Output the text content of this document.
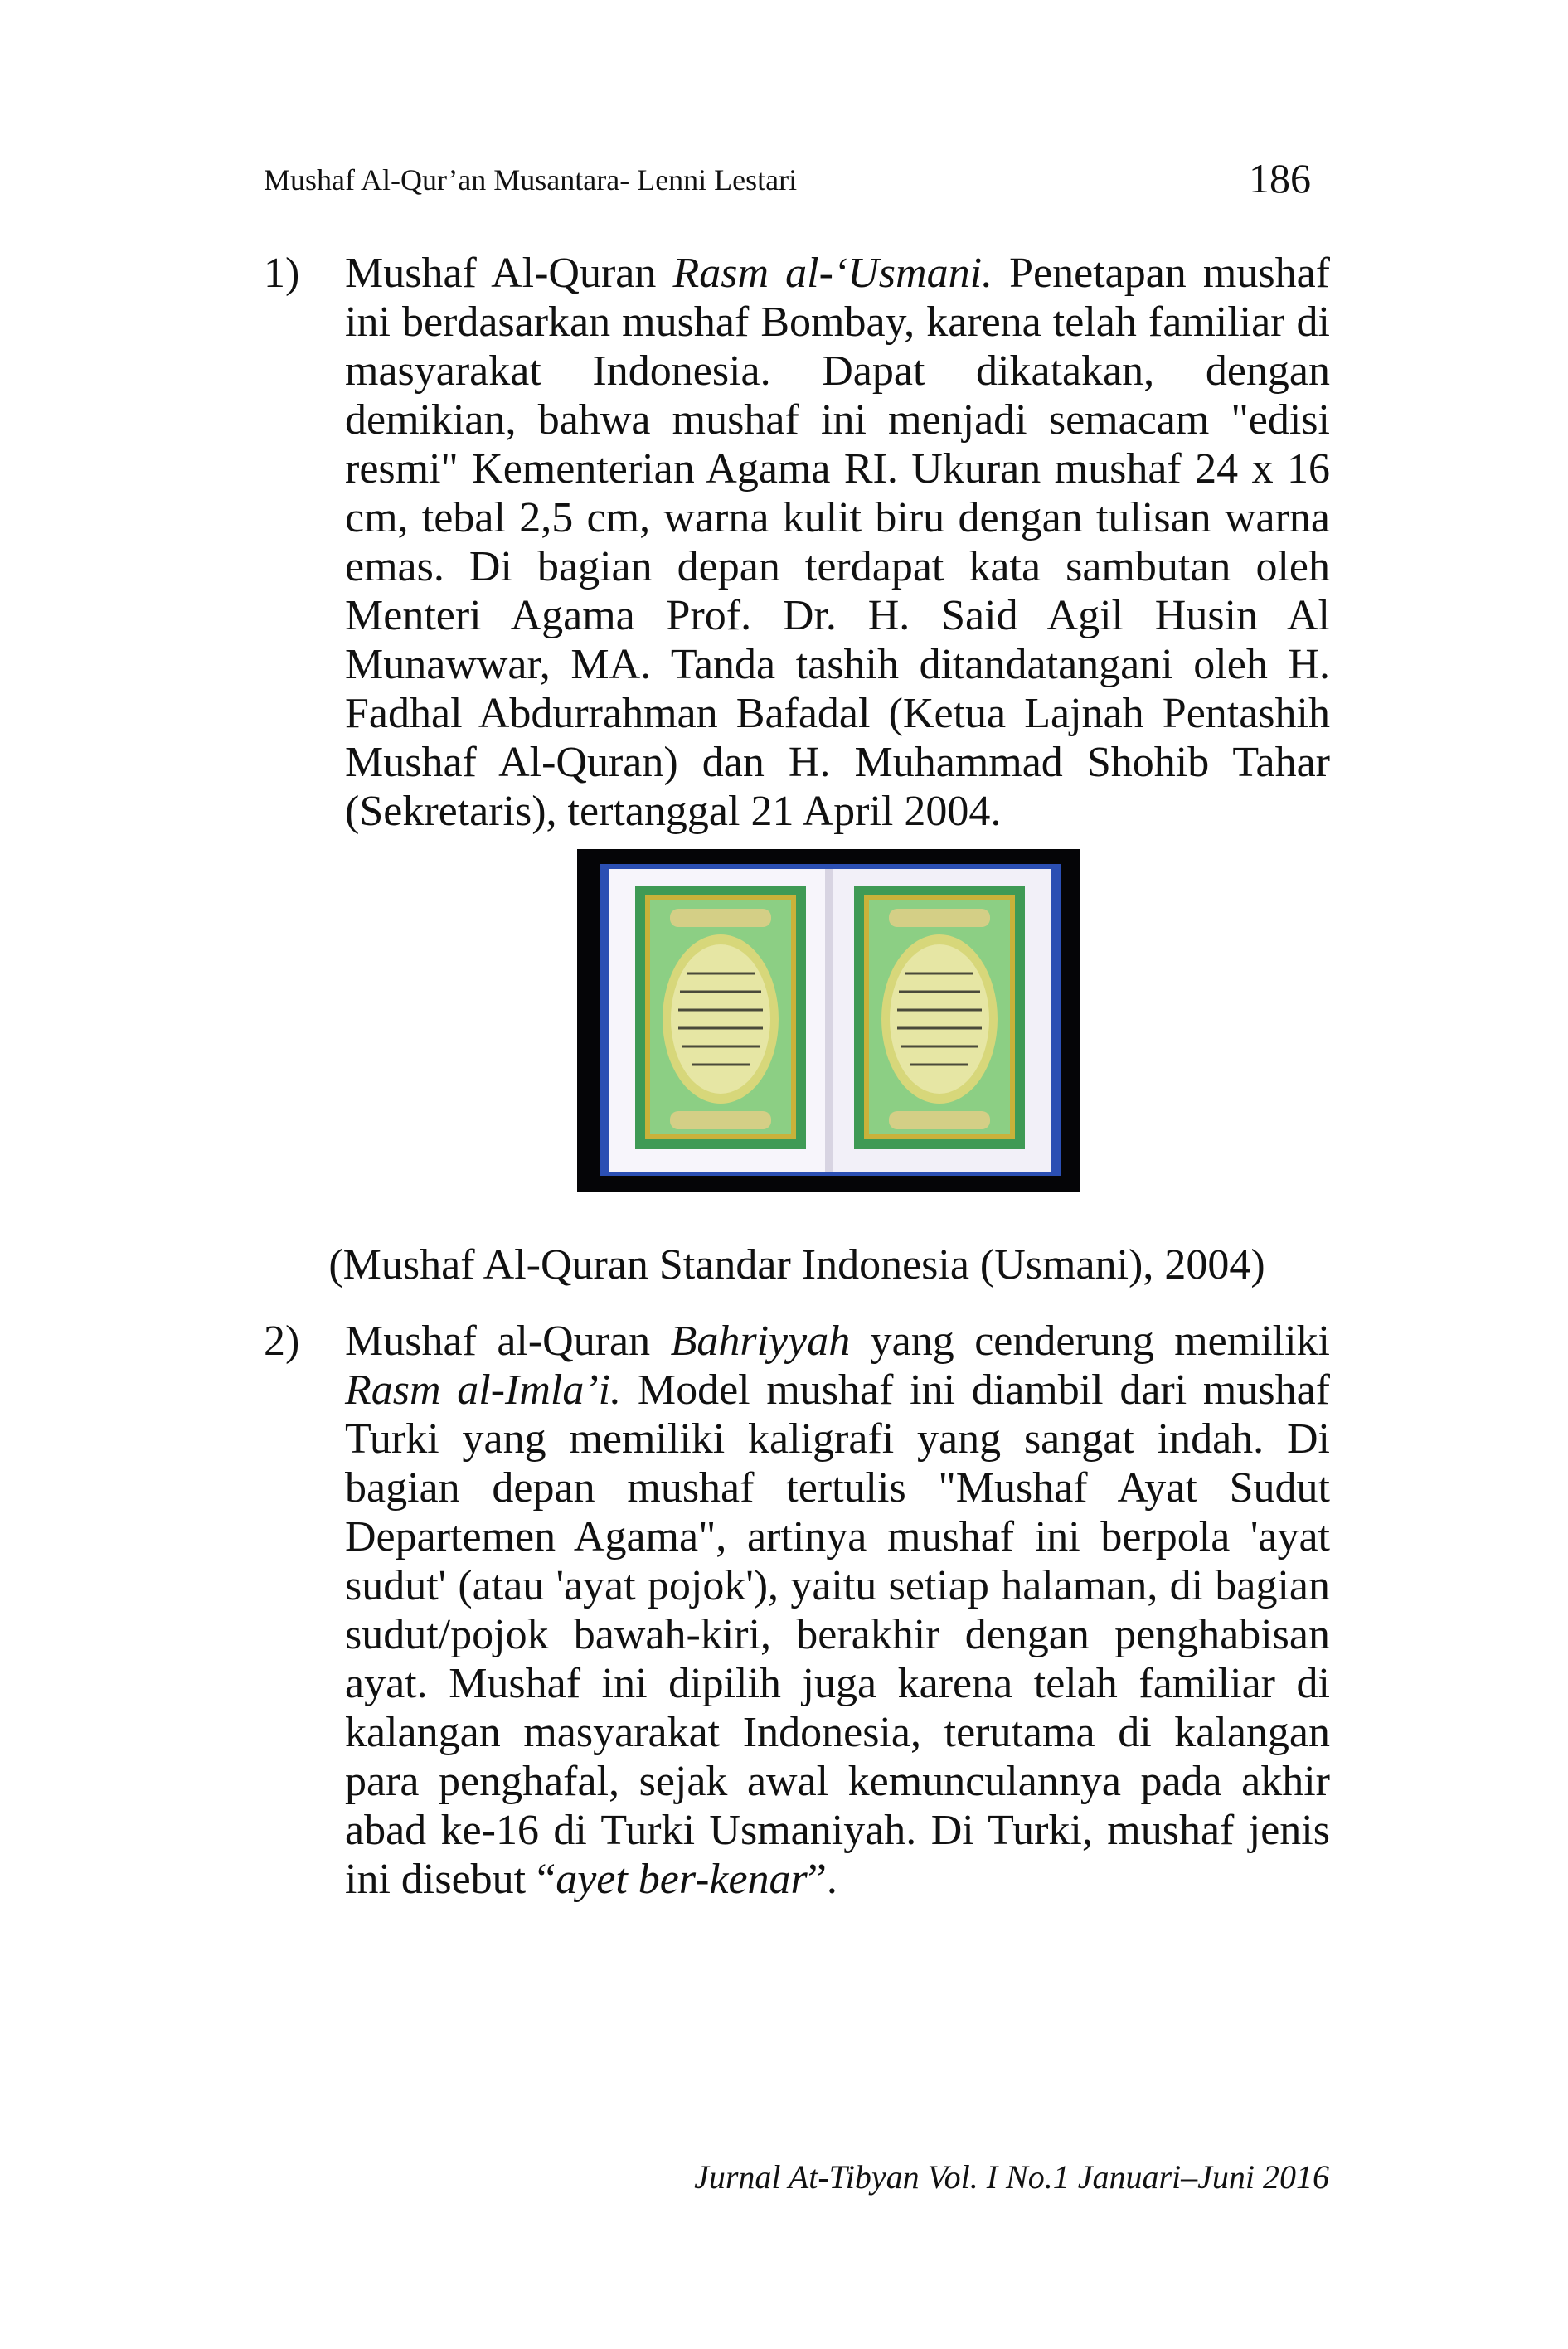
Mushaf Al-Qur’an Musantara- Lenni Lestari	186
1) Mushaf Al-Quran Rasm al-‘Usmani. Penetapan mushaf ini berdasarkan mushaf Bombay, karena telah familiar di masyarakat Indonesia. Dapat dikatakan, dengan demikian, bahwa mushaf ini menjadi semacam "edisi resmi" Kementerian Agama RI. Ukuran mushaf 24 x 16 cm, tebal 2,5 cm, warna kulit biru dengan tulisan warna emas. Di bagian depan terdapat kata sambutan oleh Menteri Agama Prof. Dr. H. Said Agil Husin Al Munawwar, MA. Tanda tashih ditandatangani oleh H. Fadhal Abdurrahman Bafadal (Ketua Lajnah Pentashih Mushaf Al-Quran) dan H. Muhammad Shohib Tahar (Sekretaris), tertanggal 21 April 2004.
(Mushaf Al-Quran Standar Indonesia (Usmani), 2004)
2) Mushaf al-Quran Bahriyyah yang cenderung memiliki Rasm al-Imla’i. Model mushaf ini diambil dari mushaf Turki yang memiliki kaligrafi yang sangat indah. Di bagian depan mushaf tertulis "Mushaf Ayat Sudut Departemen Agama", artinya mushaf ini berpola 'ayat sudut' (atau 'ayat pojok'), yaitu setiap halaman, di bagian sudut/pojok bawah-kiri, berakhir dengan penghabisan ayat. Mushaf ini dipilih juga karena telah familiar di kalangan masyarakat Indonesia, terutama di kalangan para penghafal, sejak awal kemunculannya pada akhir abad ke-16 di Turki Usmaniyah. Di Turki, mushaf jenis ini disebut “ayet ber-kenar”.
Jurnal At-Tibyan Vol. I No.1 Januari–Juni 2016
